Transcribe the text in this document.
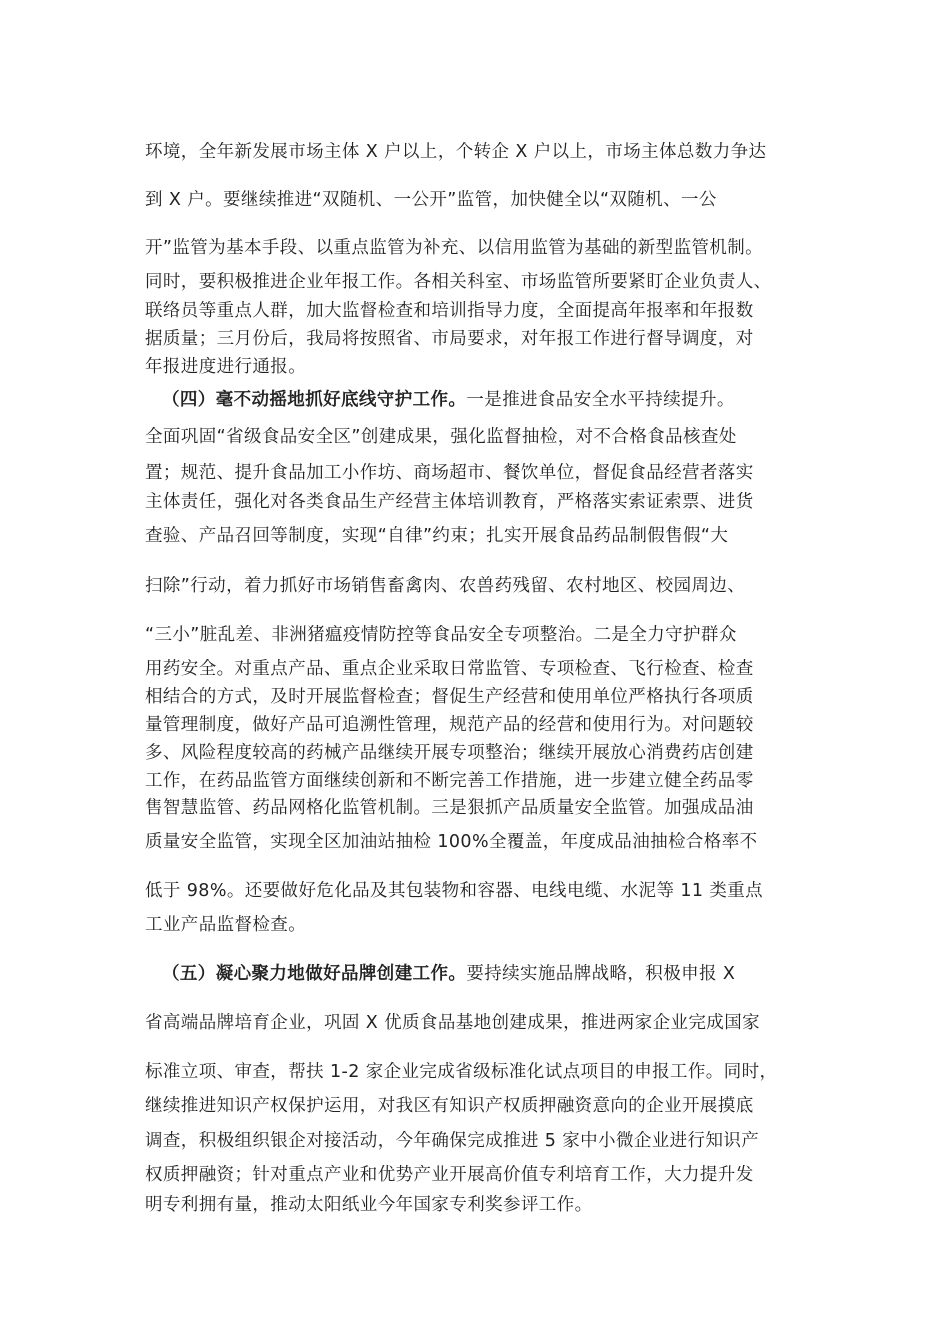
环境，全年新发展市场主体 X 户以上，个转企 X 户以上，市场主体总数力争达
到 X 户。要继续推进“双随机、一公开”监管，加快健全以“双随机、一公
开”监管为基本手段、以重点监管为补充、以信用监管为基础的新型监管机制。
同时，要积极推进企业年报工作。各相关科室、市场监管所要紧盯企业负责人、
联络员等重点人群，加大监督检查和培训指导力度，全面提高年报率和年报数
据质量；三月份后，我局将按照省、市局要求，对年报工作进行督导调度，对
年报进度进行通报。
（四）毫不动摇地抓好底线守护工作。一是推进食品安全水平持续提升。
全面巩固“省级食品安全区”创建成果，强化监督抽检，对不合格食品核查处
置；规范、提升食品加工小作坊、商场超市、餐饮单位，督促食品经营者落实
主体责任，强化对各类食品生产经营主体培训教育，严格落实索证索票、进货
查验、产品召回等制度，实现“自律”约束；扎实开展食品药品制假售假“大
扫除”行动，着力抓好市场销售畜禽肉、农兽药残留、农村地区、校园周边、
“三小”脏乱差、非洲猪瘟疫情防控等食品安全专项整治。二是全力守护群众
用药安全。对重点产品、重点企业采取日常监管、专项检查、飞行检查、检查
相结合的方式，及时开展监督检查；督促生产经营和使用单位严格执行各项质
量管理制度，做好产品可追溯性管理，规范产品的经营和使用行为。对问题较
多、风险程度较高的药械产品继续开展专项整治；继续开展放心消费药店创建
工作，在药品监管方面继续创新和不断完善工作措施，进一步建立健全药品零
售智慧监管、药品网格化监管机制。三是狠抓产品质量安全监管。加强成品油
质量安全监管，实现全区加油站抽检 100%全覆盖，年度成品油抽检合格率不
低于 98%。还要做好危化品及其包装物和容器、电线电缆、水泥等 11 类重点
工业产品监督检查。
（五）凝心聚力地做好品牌创建工作。要持续实施品牌战略，积极申报 X
省高端品牌培育企业，巩固 X 优质食品基地创建成果，推进两家企业完成国家
标准立项、审查，帮扶 1-2 家企业完成省级标准化试点项目的申报工作。同时，
继续推进知识产权保护运用，对我区有知识产权质押融资意向的企业开展摸底
调查，积极组织银企对接活动，今年确保完成推进 5 家中小微企业进行知识产
权质押融资；针对重点产业和优势产业开展高价值专利培育工作，大力提升发
明专利拥有量，推动太阳纸业今年国家专利奖参评工作。
